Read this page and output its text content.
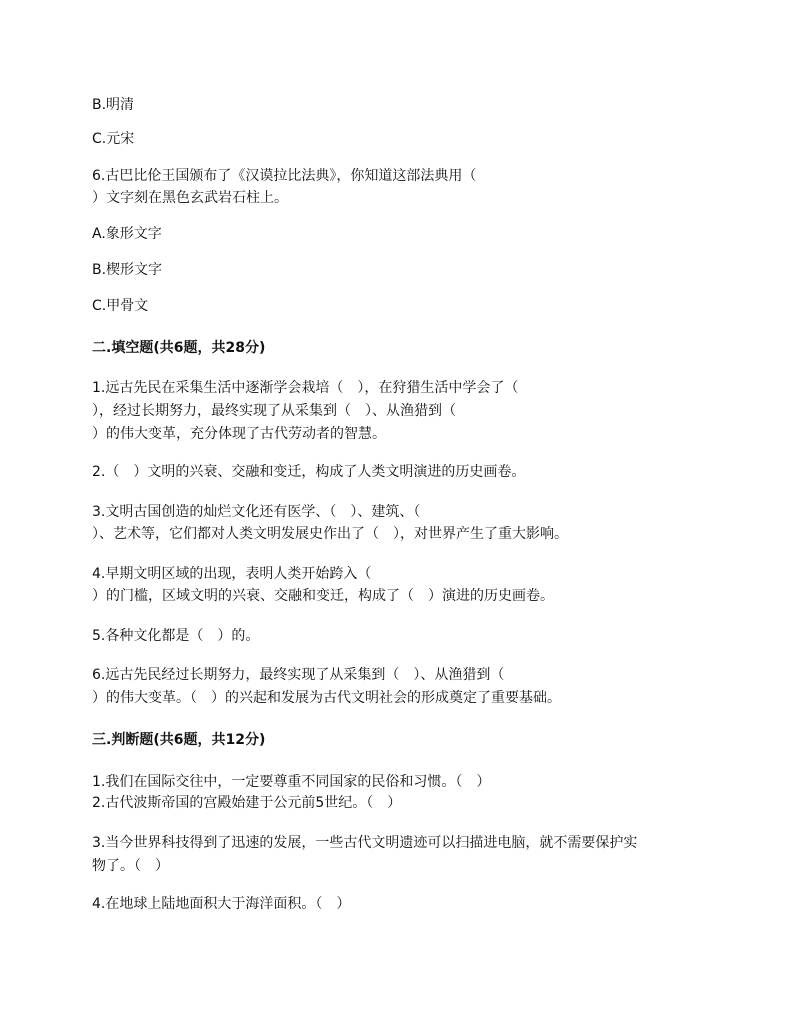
B.明清
C.元宋
6.古巴比伦王国颁布了《汉谟拉比法典》，你知道这部法典用（
）文字刻在黑色玄武岩石柱上。
A.象形文字
B.楔形文字
C.甲骨文
二.填空题(共6题，共28分)
1.远古先民在采集生活中逐渐学会栽培（　），在狩猎生活中学会了（
），经过长期努力，最终实现了从采集到（　）、从渔猎到（
）的伟大变革，充分体现了古代劳动者的智慧。
2.（　）文明的兴衰、交融和变迁，构成了人类文明演进的历史画卷。
3.文明古国创造的灿烂文化还有医学、（　）、建筑、（
）、艺术等，它们都对人类文明发展史作出了（　），对世界产生了重大影响。
4.早期文明区域的出现，表明人类开始跨入（
）的门槛，区域文明的兴衰、交融和变迁，构成了（　）演进的历史画卷。
5.各种文化都是（　）的。
6.远古先民经过长期努力，最终实现了从采集到（　）、从渔猎到（
）的伟大变革。（　）的兴起和发展为古代文明社会的形成奠定了重要基础。
三.判断题(共6题，共12分)
1.我们在国际交往中，一定要尊重不同国家的民俗和习惯。（　）
2.古代波斯帝国的宫殿始建于公元前5世纪。（　）
3.当今世界科技得到了迅速的发展，一些古代文明遗迹可以扫描进电脑，就不需要保护实
物了。（　）
4.在地球上陆地面积大于海洋面积。（　）
